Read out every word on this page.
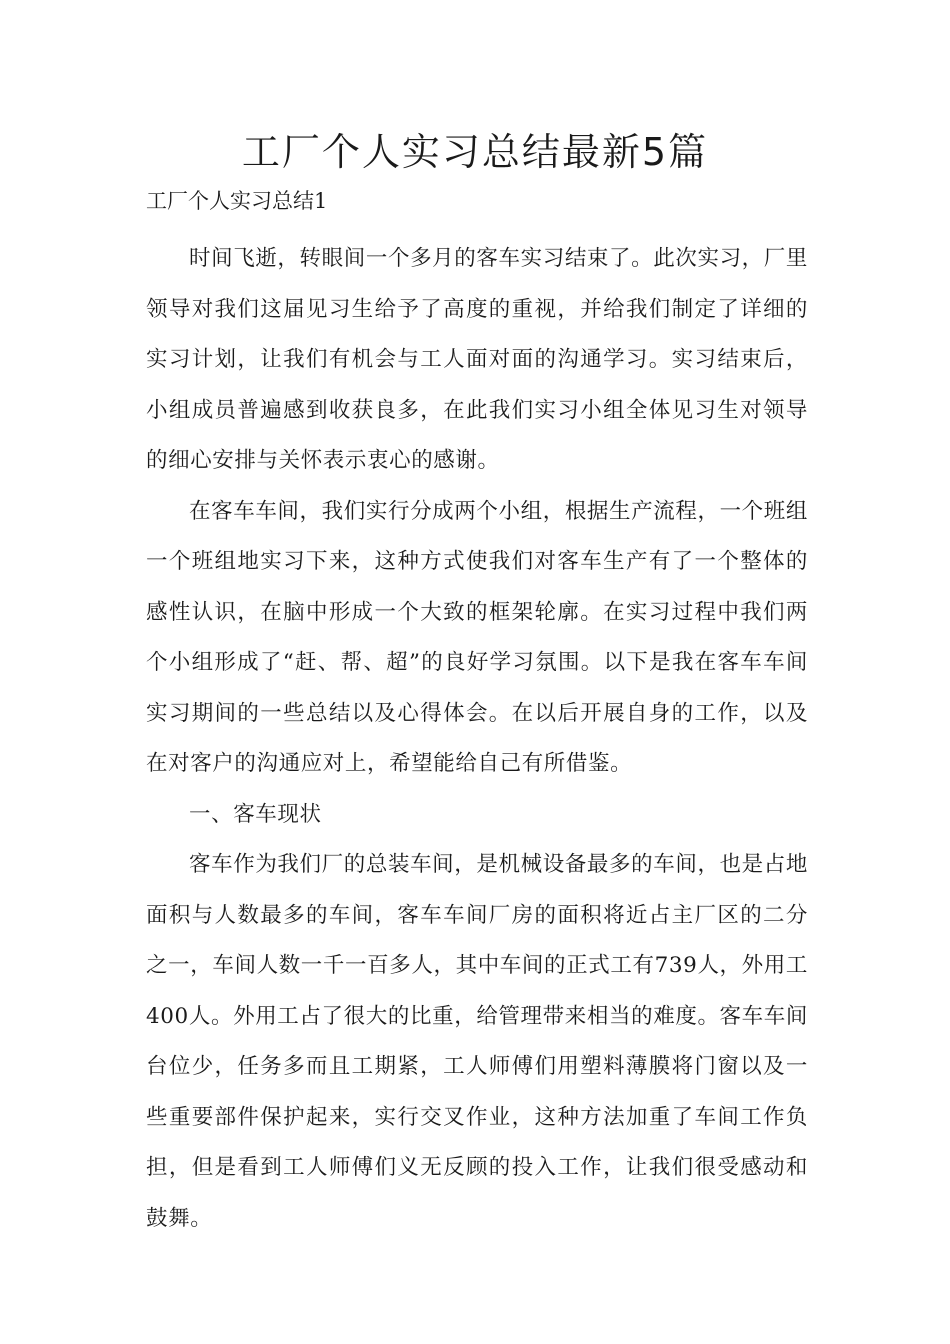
工厂个人实习总结最新5篇

工厂个人实习总结1

时间飞逝，转眼间一个多月的客车实习结束了。此次实习，厂里领导对我们这届见习生给予了高度的重视，并给我们制定了详细的实习计划，让我们有机会与工人面对面的沟通学习。实习结束后，小组成员普遍感到收获良多，在此我们实习小组全体见习生对领导的细心安排与关怀表示衷心的感谢。

在客车车间，我们实行分成两个小组，根据生产流程，一个班组一个班组地实习下来，这种方式使我们对客车生产有了一个整体的感性认识，在脑中形成一个大致的框架轮廓。在实习过程中我们两个小组形成了“赶、帮、超”的良好学习氛围。以下是我在客车车间实习期间的一些总结以及心得体会。在以后开展自身的工作，以及在对客户的沟通应对上，希望能给自己有所借鉴。

一、客车现状

客车作为我们厂的总装车间，是机械设备最多的车间，也是占地面积与人数最多的车间，客车车间厂房的面积将近占主厂区的二分之一，车间人数一千一百多人，其中车间的正式工有739人，外用工400人。外用工占了很大的比重，给管理带来相当的难度。客车车间台位少，任务多而且工期紧，工人师傅们用塑料薄膜将门窗以及一些重要部件保护起来，实行交叉作业，这种方法加重了车间工作负担，但是看到工人师傅们义无反顾的投入工作，让我们很受感动和鼓舞。
